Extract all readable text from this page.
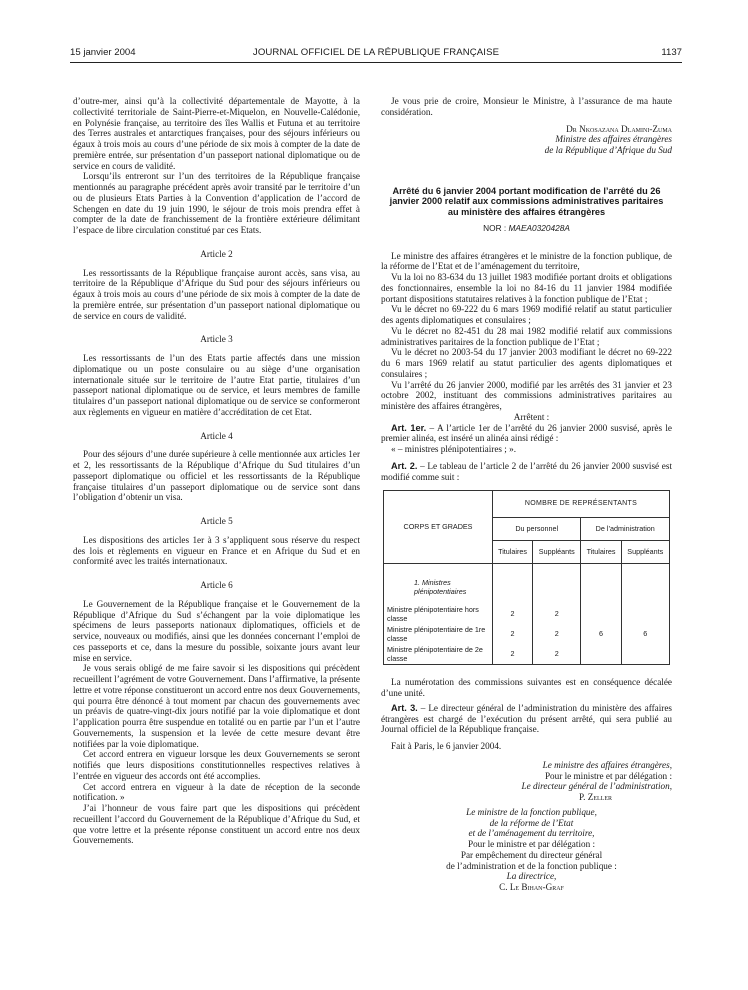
15 janvier 2004	JOURNAL OFFICIEL DE LA RÉPUBLIQUE FRANÇAISE	1137

d’outre-mer, ainsi qu’à la collectivité départementale de Mayotte, à la collectivité territoriale de Saint-Pierre-et-Miquelon, en Nouvelle-Calédonie, en Polynésie française, au territoire des îles Wallis et Futuna et au territoire des Terres australes et antarctiques françaises, pour des séjours inférieurs ou égaux à trois mois au cours d’une période de six mois à compter de la date de première entrée, sur présentation d’un passeport national diplomatique ou de service en cours de validité.

Lorsqu’ils entreront sur l’un des territoires de la République française mentionnés au paragraphe précédent après avoir transité par le territoire d’un ou de plusieurs Etats Parties à la Convention d’application de l’accord de Schengen en date du 19 juin 1990, le séjour de trois mois prendra effet à compter de la date de franchissement de la frontière extérieure délimitant l’espace de libre circulation constitué par ces Etats.

Article 2

Les ressortissants de la République française auront accès, sans visa, au territoire de la République d’Afrique du Sud pour des séjours inférieurs ou égaux à trois mois au cours d’une période de six mois à compter de la date de la première entrée, sur présentation d’un passeport national diplomatique ou de service en cours de validité.

Article 3

Les ressortissants de l’un des Etats partie affectés dans une mission diplomatique ou un poste consulaire ou au siège d’une organisation internationale située sur le territoire de l’autre Etat partie, titulaires d’un passeport national diplomatique ou de service, et leurs membres de famille titulaires d’un passeport national diplomatique ou de service se conformeront aux règlements en vigueur en matière d’accréditation de cet Etat.

Article 4

Pour des séjours d’une durée supérieure à celle mentionnée aux articles 1er et 2, les ressortissants de la République d’Afrique du Sud titulaires d’un passeport diplomatique ou officiel et les ressortissants de la République française titulaires d’un passeport diplomatique ou de service sont dans l’obligation d’obtenir un visa.

Article 5

Les dispositions des articles 1er à 3 s’appliquent sous réserve du respect des lois et règlements en vigueur en France et en Afrique du Sud et en conformité avec les traités internationaux.

Article 6

Le Gouvernement de la République française et le Gouvernement de la République d’Afrique du Sud s’échangent par la voie diplomatique les spécimens de leurs passeports nationaux diplomatiques, officiels et de service, nouveaux ou modifiés, ainsi que les données concernant l’emploi de ces passeports et ce, dans la mesure du possible, soixante jours avant leur mise en service.

Je vous serais obligé de me faire savoir si les dispositions qui précèdent recueillent l’agrément de votre Gouvernement. Dans l’affirmative, la présente lettre et votre réponse constitueront un accord entre nos deux Gouvernements, qui pourra être dénoncé à tout moment par chacun des gouvernements avec un préavis de quatre-vingt-dix jours notifié par la voie diplomatique et dont l’application pourra être suspendue en totalité ou en partie par l’un et l’autre Gouvernements, la suspension et la levée de cette mesure devant être notifiées par la voie diplomatique.

Cet accord entrera en vigueur lorsque les deux Gouvernements se seront notifiés que leurs dispositions constitutionnelles respectives relatives à l’entrée en vigueur des accords ont été accomplies.

Cet accord entrera en vigueur à la date de réception de la seconde notification. »

J’ai l’honneur de vous faire part que les dispositions qui précèdent recueillent l’accord du Gouvernement de la République d’Afrique du Sud, et que votre lettre et la présente réponse constituent un accord entre nos deux Gouvernements.

Je vous prie de croire, Monsieur le Ministre, à l’assurance de ma haute considération.

Dr Nkosazana Dlamini-Zuma

Ministre des affaires étrangères

de la République d’Afrique du Sud

Arrêté du 6 janvier 2004 portant modification de l’arrêté du 26 janvier 2000 relatif aux commissions administratives paritaires au ministère des affaires étrangères
NOR : MAEA0320428A

Le ministre des affaires étrangères et le ministre de la fonction publique, de la réforme de l’Etat et de l’aménagement du territoire,

Vu la loi no 83-634 du 13 juillet 1983 modifiée portant droits et obligations des fonctionnaires, ensemble la loi no 84-16 du 11 janvier 1984 modifiée portant dispositions statutaires relatives à la fonction publique de l’Etat ;

Vu le décret no 69-222 du 6 mars 1969 modifié relatif au statut particulier des agents diplomatiques et consulaires ;

Vu le décret no 82-451 du 28 mai 1982 modifié relatif aux commissions administratives paritaires de la fonction publique de l’Etat ;

Vu le décret no 2003-54 du 17 janvier 2003 modifiant le décret no 69-222 du 6 mars 1969 relatif au statut particulier des agents diplomatiques et consulaires ;

Vu l’arrêté du 26 janvier 2000, modifié par les arrêtés des 31 janvier et 23 octobre 2002, instituant des commissions administratives paritaires au ministère des affaires étrangères,

Arrêtent :

Art. 1er. – A l’article 1er de l’arrêté du 26 janvier 2000 susvisé, après le premier alinéa, est inséré un alinéa ainsi rédigé :

« – ministres plénipotentiaires ; ».

Art. 2. – Le tableau de l’article 2 de l’arrêté du 26 janvier 2000 susvisé est modifié comme suit :

CORPS ET GRADES	NOMBRE DE REPRÉSENTANTS			
	Du personnel		De l’administration	
	Titulaires	Suppléants	Titulaires	Suppléants
1. Ministres plénipotentiaires				
Ministre plénipotentiaire hors classe	2	2		
Ministre plénipotentiaire de 1re classe	2	2	6	6
Ministre plénipotentiaire de 2e classe	2	2		

La numérotation des commissions suivantes est en conséquence décalée d’une unité.

Art. 3. – Le directeur général de l’administration du ministère des affaires étrangères est chargé de l’exécution du présent arrêté, qui sera publié au Journal officiel de la République française.

Fait à Paris, le 6 janvier 2004.

Le ministre des affaires étrangères,

Pour le ministre et par délégation :

Le directeur général de l’administration,

P. Zeller

Le ministre de la fonction publique,

de la réforme de l’Etat

et de l’aménagement du territoire,

Pour le ministre et par délégation :

Par empêchement du directeur général

de l’administration et de la fonction publique :

La directrice,

C. Le Bihan-Graf
